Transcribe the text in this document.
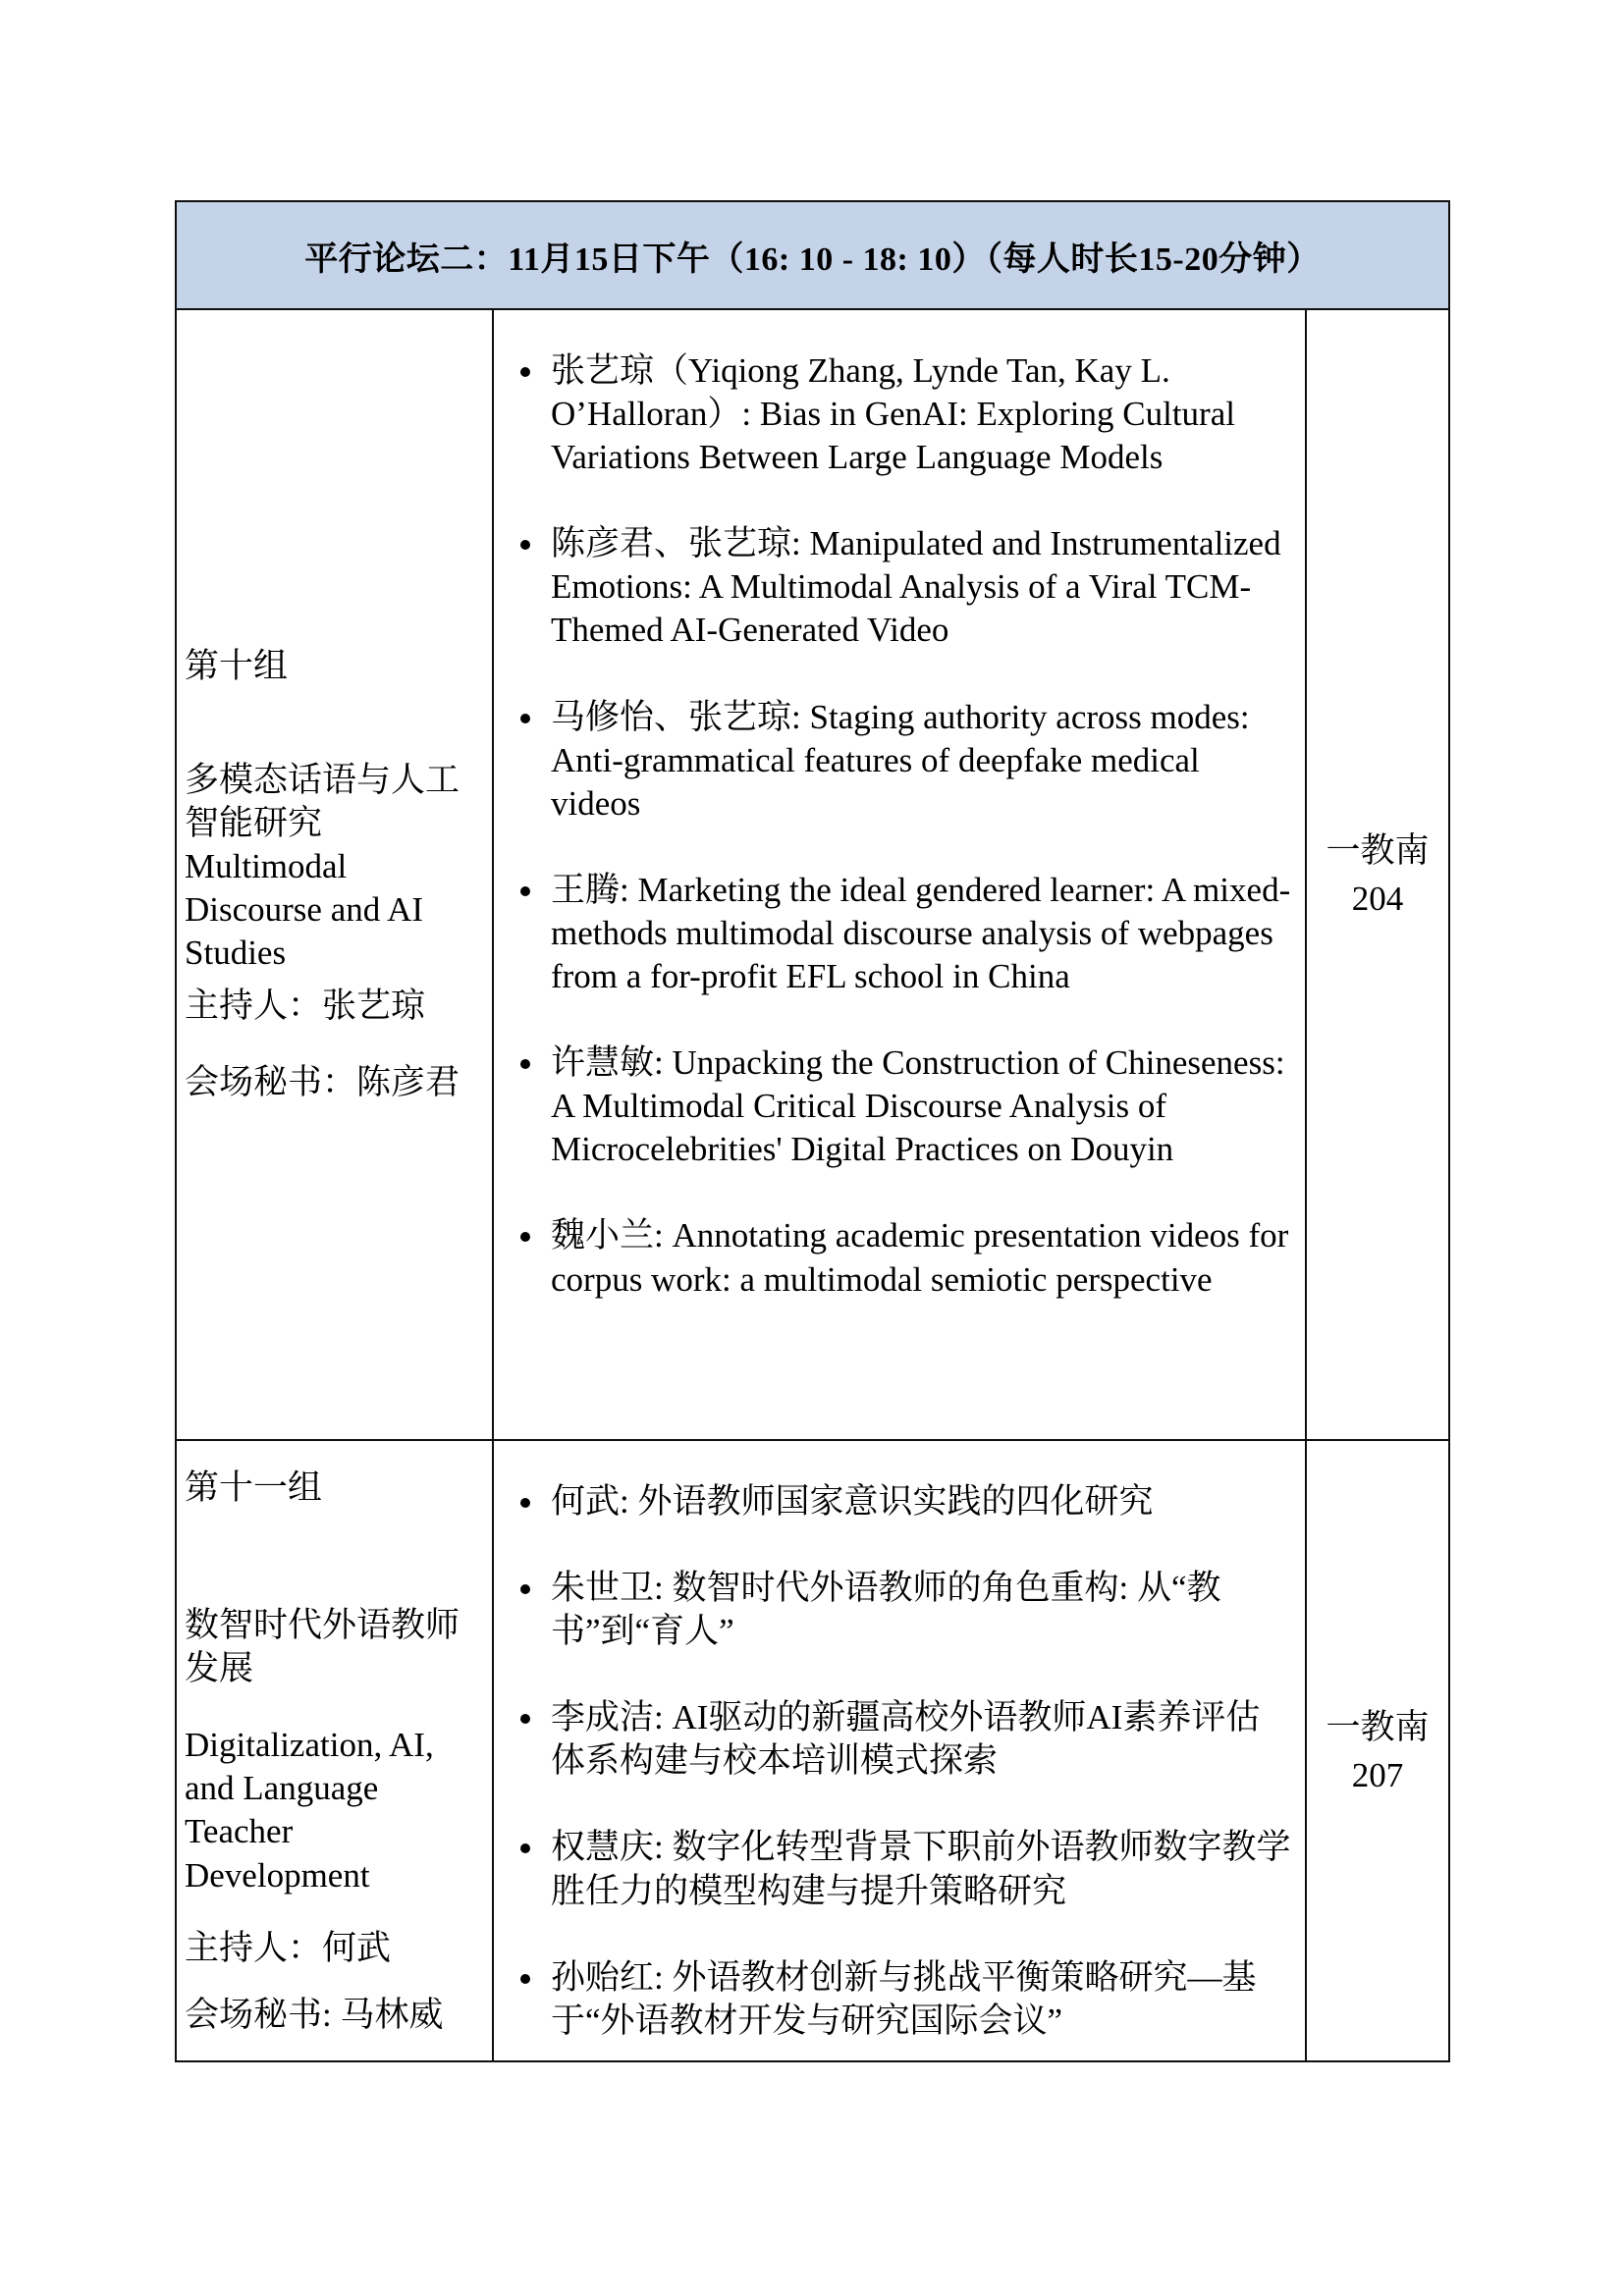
平行论坛二：11月15日下午（16: 10 - 18: 10）（每人时长15-20分钟）
第十组
多模态话语与人工智能研究
Multimodal Discourse and AI Studies
主持人：张艺琼
会场秘书：陈彦君
• 张艺琼（Yiqiong Zhang, Lynde Tan, Kay L. O’Halloran）: Bias in GenAI: Exploring Cultural Variations Between Large Language Models
• 陈彦君、张艺琼: Manipulated and Instrumentalized Emotions: A Multimodal Analysis of a Viral TCM-Themed AI-Generated Video
• 马修怡、张艺琼: Staging authority across modes:    Anti-grammatical features of deepfake medical videos
• 王腾: Marketing the ideal gendered learner: A mixed-methods multimodal discourse analysis of webpages from a for-profit EFL school in China
• 许慧敏: Unpacking the Construction of Chineseness: A Multimodal Critical Discourse Analysis of Microcelebrities' Digital Practices on Douyin
• 魏小兰: Annotating academic presentation videos for corpus work: a multimodal semiotic perspective
一教南
204
第十一组
数智时代外语教师发展
Digitalization, AI, and Language Teacher Development
主持人：何武
会场秘书: 马林威
• 何武: 外语教师国家意识实践的四化研究
• 朱世卫: 数智时代外语教师的角色重构: 从“教书”到“育人”
• 李成洁: AI驱动的新疆高校外语教师AI素养评估体系构建与校本培训模式探索
• 权慧庆: 数字化转型背景下职前外语教师数字教学胜任力的模型构建与提升策略研究
• 孙贻红: 外语教材创新与挑战平衡策略研究—基于“外语教材开发与研究国际会议”
一教南
207
